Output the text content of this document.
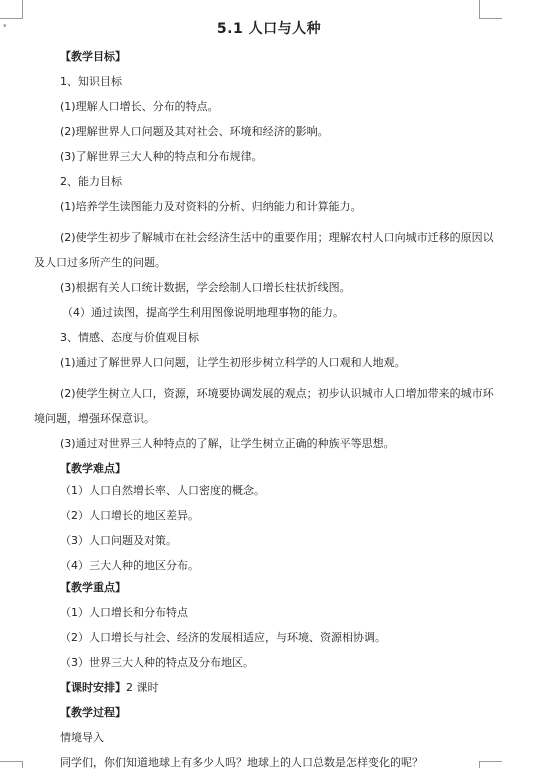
▾	5.1 人口与人种
【教学目标】
1、知识目标
(1)理解人口增长、分布的特点。
(2)理解世界人口问题及其对社会、环境和经济的影响。
(3)了解世界三大人种的特点和分布规律。
2、能力目标
(1)培养学生读图能力及对资料的分析、归纳能力和计算能力。
(2)使学生初步了解城市在社会经济生活中的重要作用；理解农村人口向城市迁移的原因以及人口过多所产生的问题。
(3)根据有关人口统计数据，学会绘制人口增长柱状折线图。
（4）通过读图，提高学生利用图像说明地理事物的能力。
3、情感、态度与价值观目标
(1)通过了解世界人口问题，让学生初形步树立科学的人口观和人地观。
(2)使学生树立人口，资源，环境要协调发展的观点；初步认识城市人口增加带来的城市环境问题，增强环保意识。
(3)通过对世界三人种特点的了解，让学生树立正确的种族平等思想。
【教学难点】
（1）人口自然增长率、人口密度的概念。
（2）人口增长的地区差异。
（3）人口问题及对策。
（4）三大人种的地区分布。
【教学重点】
（1）人口增长和分布特点
（2）人口增长与社会、经济的发展相适应，与环境、资源相协调。
（3）世界三大人种的特点及分布地区。
【课时安排】2 课时
【教学过程】
情境导入
同学们，你们知道地球上有多少人吗？地球上的人口总数是怎样变化的呢？
